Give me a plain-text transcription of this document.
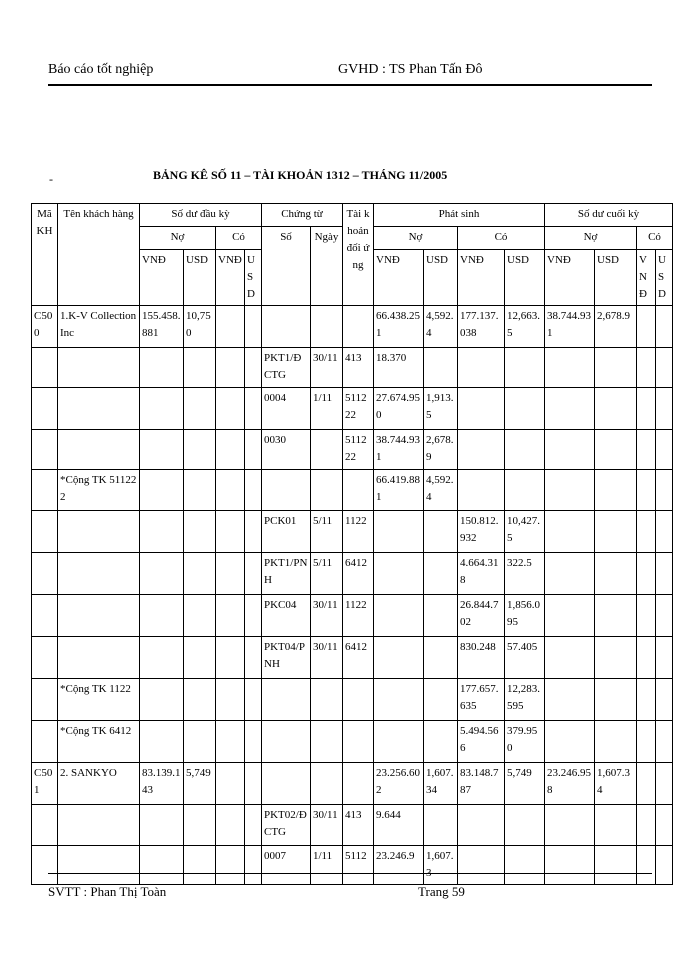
Báo cáo tốt nghiệp	GVHD : TS Phan Tấn Đô
-	BẢNG KÊ SỐ 11 – TÀI KHOẢN 1312 – THÁNG 11/2005
Mã KH	Tên khách hàng	Số dư đầu kỳ				Chứng từ		Tài khoản đối ứng	Phát sinh				Số dư cuối kỳ			
		Nợ		Có		Số	Ngày		Nợ		Có		Nợ		Có	
		VNĐ	USD	VNĐ	USD				VNĐ	USD	VNĐ	USD	VNĐ	USD	VNĐ	USD
C500	1.K-V Collection Inc	155.458.881	10,750						66.438.251	4,592.4	177.137.038	12,663.5	38.744.931	2,678.9		
						PKT1/ĐCTG	30/11	413	18.370							
						0004	1/11	511222	27.674.950	1,913.5						
						0030		511222	38.744.931	2,678.9						
	*Cộng TK 511222								66.419.881	4,592.4						
						PCK01	5/11	1122			150.812.932	10,427.5				
						PKT1/PNH	5/11	6412			4.664.318	322.5				
						PKC04	30/11	1122			26.844.702	1,856.095				
						PKT04/PNH	30/11	6412			830.248	57.405				
	*Cộng TK 1122										177.657.635	12,283.595				
	*Cộng TK 6412										5.494.566	379.950				
C501	2. SANKYO	83.139.143	5,749						23.256.602	1,607.34	83.148.787	5,749	23.246.958	1,607.34		
						PKT02/ĐCTG	30/11	413	9.644							
						0007	1/11	5112	23.246.9	1,607.3						
SVTT : Phan Thị Toàn	Trang 59
